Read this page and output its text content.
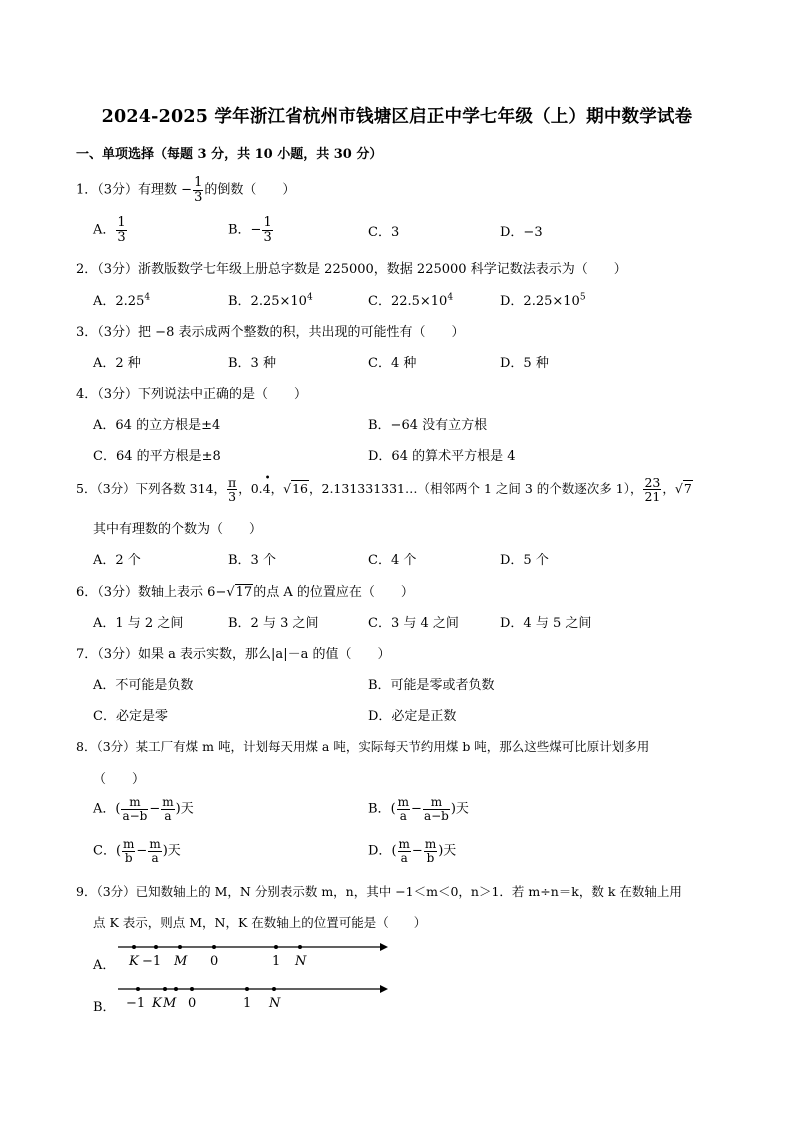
2024-2025 学年浙江省杭州市钱塘区启正中学七年级（上）期中数学试卷
一、单项选择（每题 3 分，共 10 小题，共 30 分）
1．（3分）有理数 − $\frac{1}{3}$ 的倒数（　　）
A． $\frac{1}{3}$	B．− $\frac{1}{3}$	C．3	D．−3
2．（3分）浙教版数学七年级上册总字数是 225000，数据 225000 科学记数法表示为（　　）
A．2.25$^4$	B．$2.25\times 10^4$	C．$22.5\times 10^4$	D．$2.25\times 10^5$
3．（3分）把 −8 表示成两个整数的积，共出现的可能性有（　　）
A．2 种	B．3 种	C．4 种	D．5 种
4．（3分）下列说法中正确的是（　　）
A．64 的立方根是±4	B．−64 没有立方根
C．64 的平方根是±8	D．64 的算术平方根是 4
5．（3分）下列各数 314， $\frac{\pi}{3}$ ，0.
•
4，√16，2.131331331…（相邻两个 1 之间 3 的个数逐次多 1）， $\frac{23}{21}$ ，√7
其中有理数的个数为（　　）
A．2 个	B．3 个	C．4 个	D．5 个
6．（3分）数轴上表示 6−√17的点 A 的位置应在（　　）
A．1 与 2 之间	B．2 与 3 之间	C．3 与 4 之间	D．4 与 5 之间
7．（3分）如果 a 表示实数，那么|a|－a 的值（　　）
A．不可能是负数	B．可能是零或者负数
C．必定是零	D．必定是正数
8．（3分）某工厂有煤 m 吨，计划每天用煤 a 吨，实际每天节约用煤 b 吨，那么这些煤可比原计划多用
（　　）
A．( $\frac{m}{a-b} - \frac{m}{a}$ )天	B．( $\frac{m}{a} - \frac{m}{a-b}$ )天
C．( $\frac{m}{b} - \frac{m}{a}$ )天	D．( $\frac{m}{a} - \frac{m}{b}$ )天
9．（3分）已知数轴上的 M，N 分别表示数 m，n，其中 −1＜m＜0，n＞1．若 m÷n＝k，数 k 在数轴上用
点 K 表示，则点 M，N，K 在数轴上的位置可能是（　　）
A． K −1 M 0	1 N
B． −1 K M 0	1 N
